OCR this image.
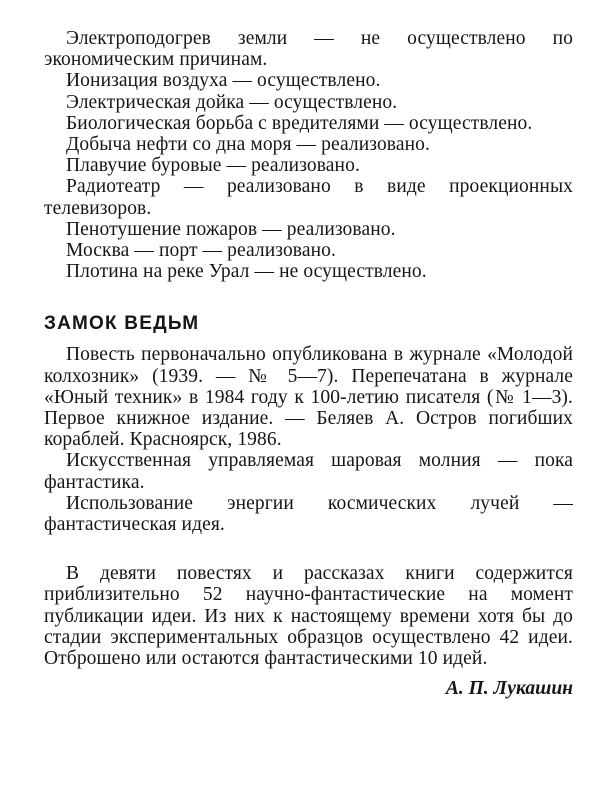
Электроподогрев земли — не осуществлено по экономическим причинам.

Ионизация воздуха — осуществлено.

Электрическая дойка — осуществлено.

Биологическая борьба с вредителями — осуществлено.

Добыча нефти со дна моря — реализовано.

Плавучие буровые — реализовано.

Радиотеатр — реализовано в виде проекционных телевизоров.

Пенотушение пожаров — реализовано.

Москва — порт — реализовано.

Плотина на реке Урал — не осуществлено.

ЗАМОК ВЕДЬМ

Повесть первоначально опубликована в журнале «Молодой колхозник» (1939. — № 5—7). Перепечатана в журнале «Юный техник» в 1984 году к 100-летию писателя (№ 1—3). Первое книжное издание. — Беляев А. Остров погибших кораблей. Красноярск, 1986.

Искусственная управляемая шаровая молния — пока фантастика.

Использование энергии космических лучей — фантастическая идея.

В девяти повестях и рассказах книги содержится приблизительно 52 научно-фантастические на момент публикации идеи. Из них к настоящему времени хотя бы до стадии экспериментальных образцов осуществлено 42 идеи. Отброшено или остаются фантастическими 10 идей.

А. П. Лукашин
